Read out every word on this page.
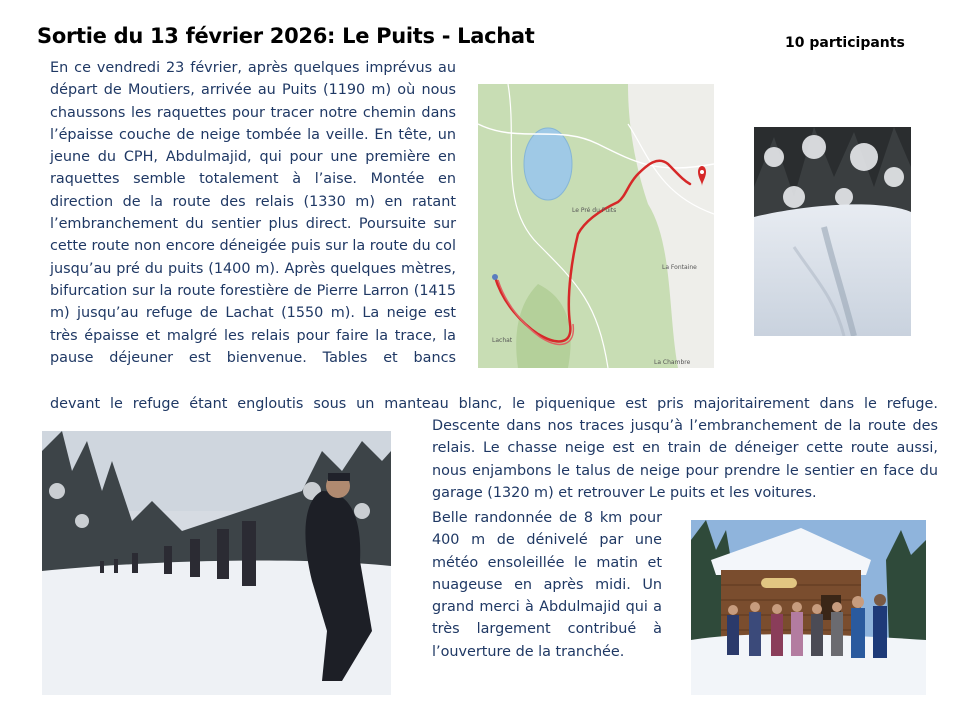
Sortie du 13 février 2026: Le Puits - Lachat	10 participants

En ce vendredi 23 février, après quelques imprévus au départ de Moutiers, arrivée au Puits (1190 m) où nous chaussons les raquettes pour tracer notre chemin dans l’épaisse couche de neige tombée la veille. En tête, un jeune du CPH, Abdulmajid, qui pour une première en raquettes semble totalement à l’aise. Montée en direction de la route des relais (1330 m) en ratant l’embranchement du sentier plus direct. Poursuite sur cette route non encore déneigée puis sur la route du col jusqu’au pré du puits (1400 m). Après quelques mètres, bifurcation sur la route forestière de Pierre Larron (1415 m) jusqu’au refuge de Lachat (1550 m). La neige est très épaisse et malgré les relais pour faire la trace, la pause déjeuner est bienvenue. Tables et bancs

devant le refuge étant engloutis sous un manteau blanc, le piquenique est pris majoritairement dans le refuge.

Descente dans nos traces jusqu’à l’embranchement de la route des relais. Le chasse neige est en train de déneiger cette route aussi, nous enjambons le talus de neige pour prendre le sentier en face du garage (1320 m) et retrouver Le puits et les voitures.

Belle randonnée de 8 km pour 400 m de dénivelé par une météo ensoleillée le matin et nuageuse en après midi. Un grand merci à Abdulmajid qui a très largement contribué à l’ouverture de la tranchée.

Le Pré du Puits
La Fontaine
Lachat
La Chambre
